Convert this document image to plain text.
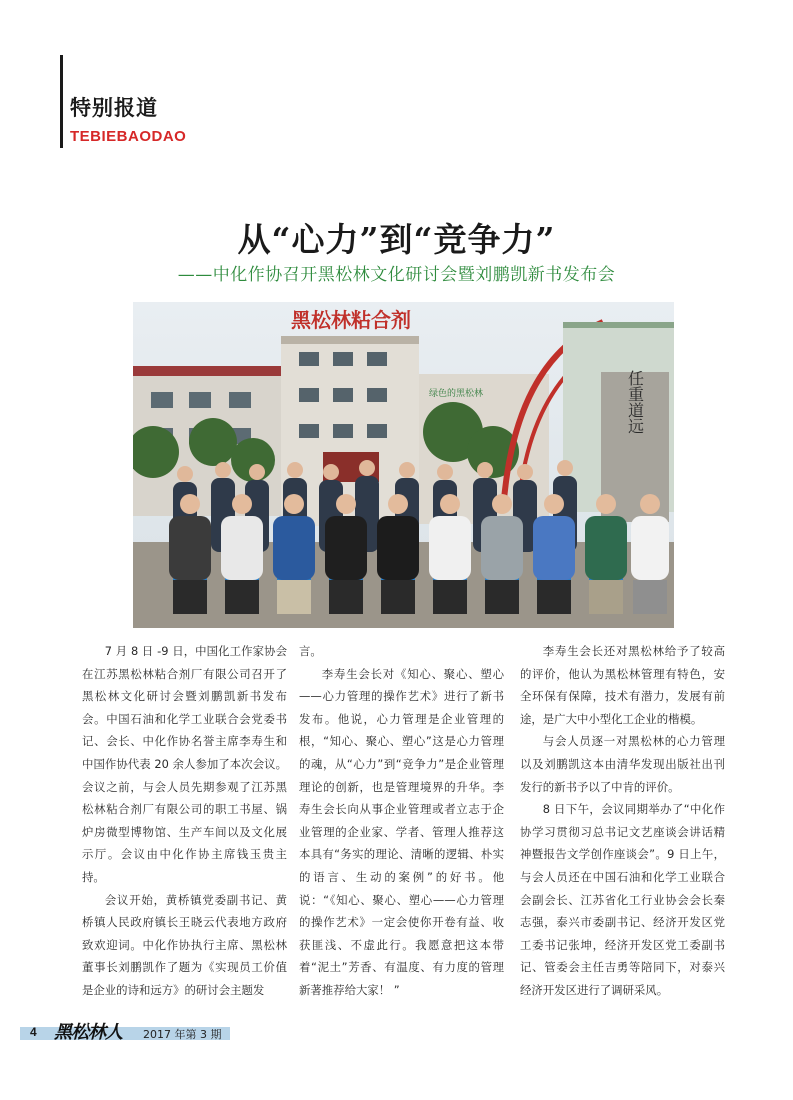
特别报道
TEBIEBAODAO
从“心力”到“竞争力”
——中化作协召开黑松林文化研讨会暨刘鹏凯新书发布会
黑松林粘合剂
绿色的黑松林	任重道远

7 月 8 日 -9 日，中国化工作家协会在江苏黑松林粘合剂厂有限公司召开了黑松林文化研讨会暨刘鹏凯新书发布会。中国石油和化学工业联合会党委书记、会长、中化作协名誉主席李寿生和中国作协代表 20 余人参加了本次会议。会议之前，与会人员先期参观了江苏黑松林粘合剂厂有限公司的职工书屋、锅炉房微型博物馆、生产车间以及文化展示厅。会议由中化作协主席钱玉贵主持。

会议开始，黄桥镇党委副书记、黄桥镇人民政府镇长王晓云代表地方政府致欢迎词。中化作协执行主席、黑松林董事长刘鹏凯作了题为《实现员工价值是企业的诗和远方》的研讨会主题发

言。

李寿生会长对《知心、聚心、塑心——心力管理的操作艺术》进行了新书发布。他说，心力管理是企业管理的根，“知心、聚心、塑心”这是心力管理的魂，从“心力”到“竞争力”是企业管理理论的创新，也是管理境界的升华。李寿生会长向从事企业管理或者立志于企业管理的企业家、学者、管理人推荐这本具有“务实的理论、清晰的逻辑、朴实的语言、生动的案例”的好书。他说：“《知心、聚心、塑心——心力管理的操作艺术》一定会使你开卷有益、收获匪浅、不虚此行。我愿意把这本带着“泥土”芳香、有温度、有力度的管理新著推荐给大家！ ”

李寿生会长还对黑松林给予了较高的评价，他认为黑松林管理有特色，安全环保有保障，技术有潜力，发展有前途，是广大中小型化工企业的楷模。

与会人员逐一对黑松林的心力管理以及刘鹏凯这本由清华发现出版社出刊发行的新书予以了中肯的评价。

8 日下午，会议同期举办了“中化作协学习贯彻习总书记文艺座谈会讲话精神暨报告文学创作座谈会”。9 日上午，与会人员还在中国石油和化学工业联合会副会长、江苏省化工行业协会会长秦志强，泰兴市委副书记、经济开发区党工委书记张坤，经济开发区党工委副书记、管委会主任吉勇等陪同下，对泰兴经济开发区进行了调研采风。

4 黑松林人 2017 年第 3 期
